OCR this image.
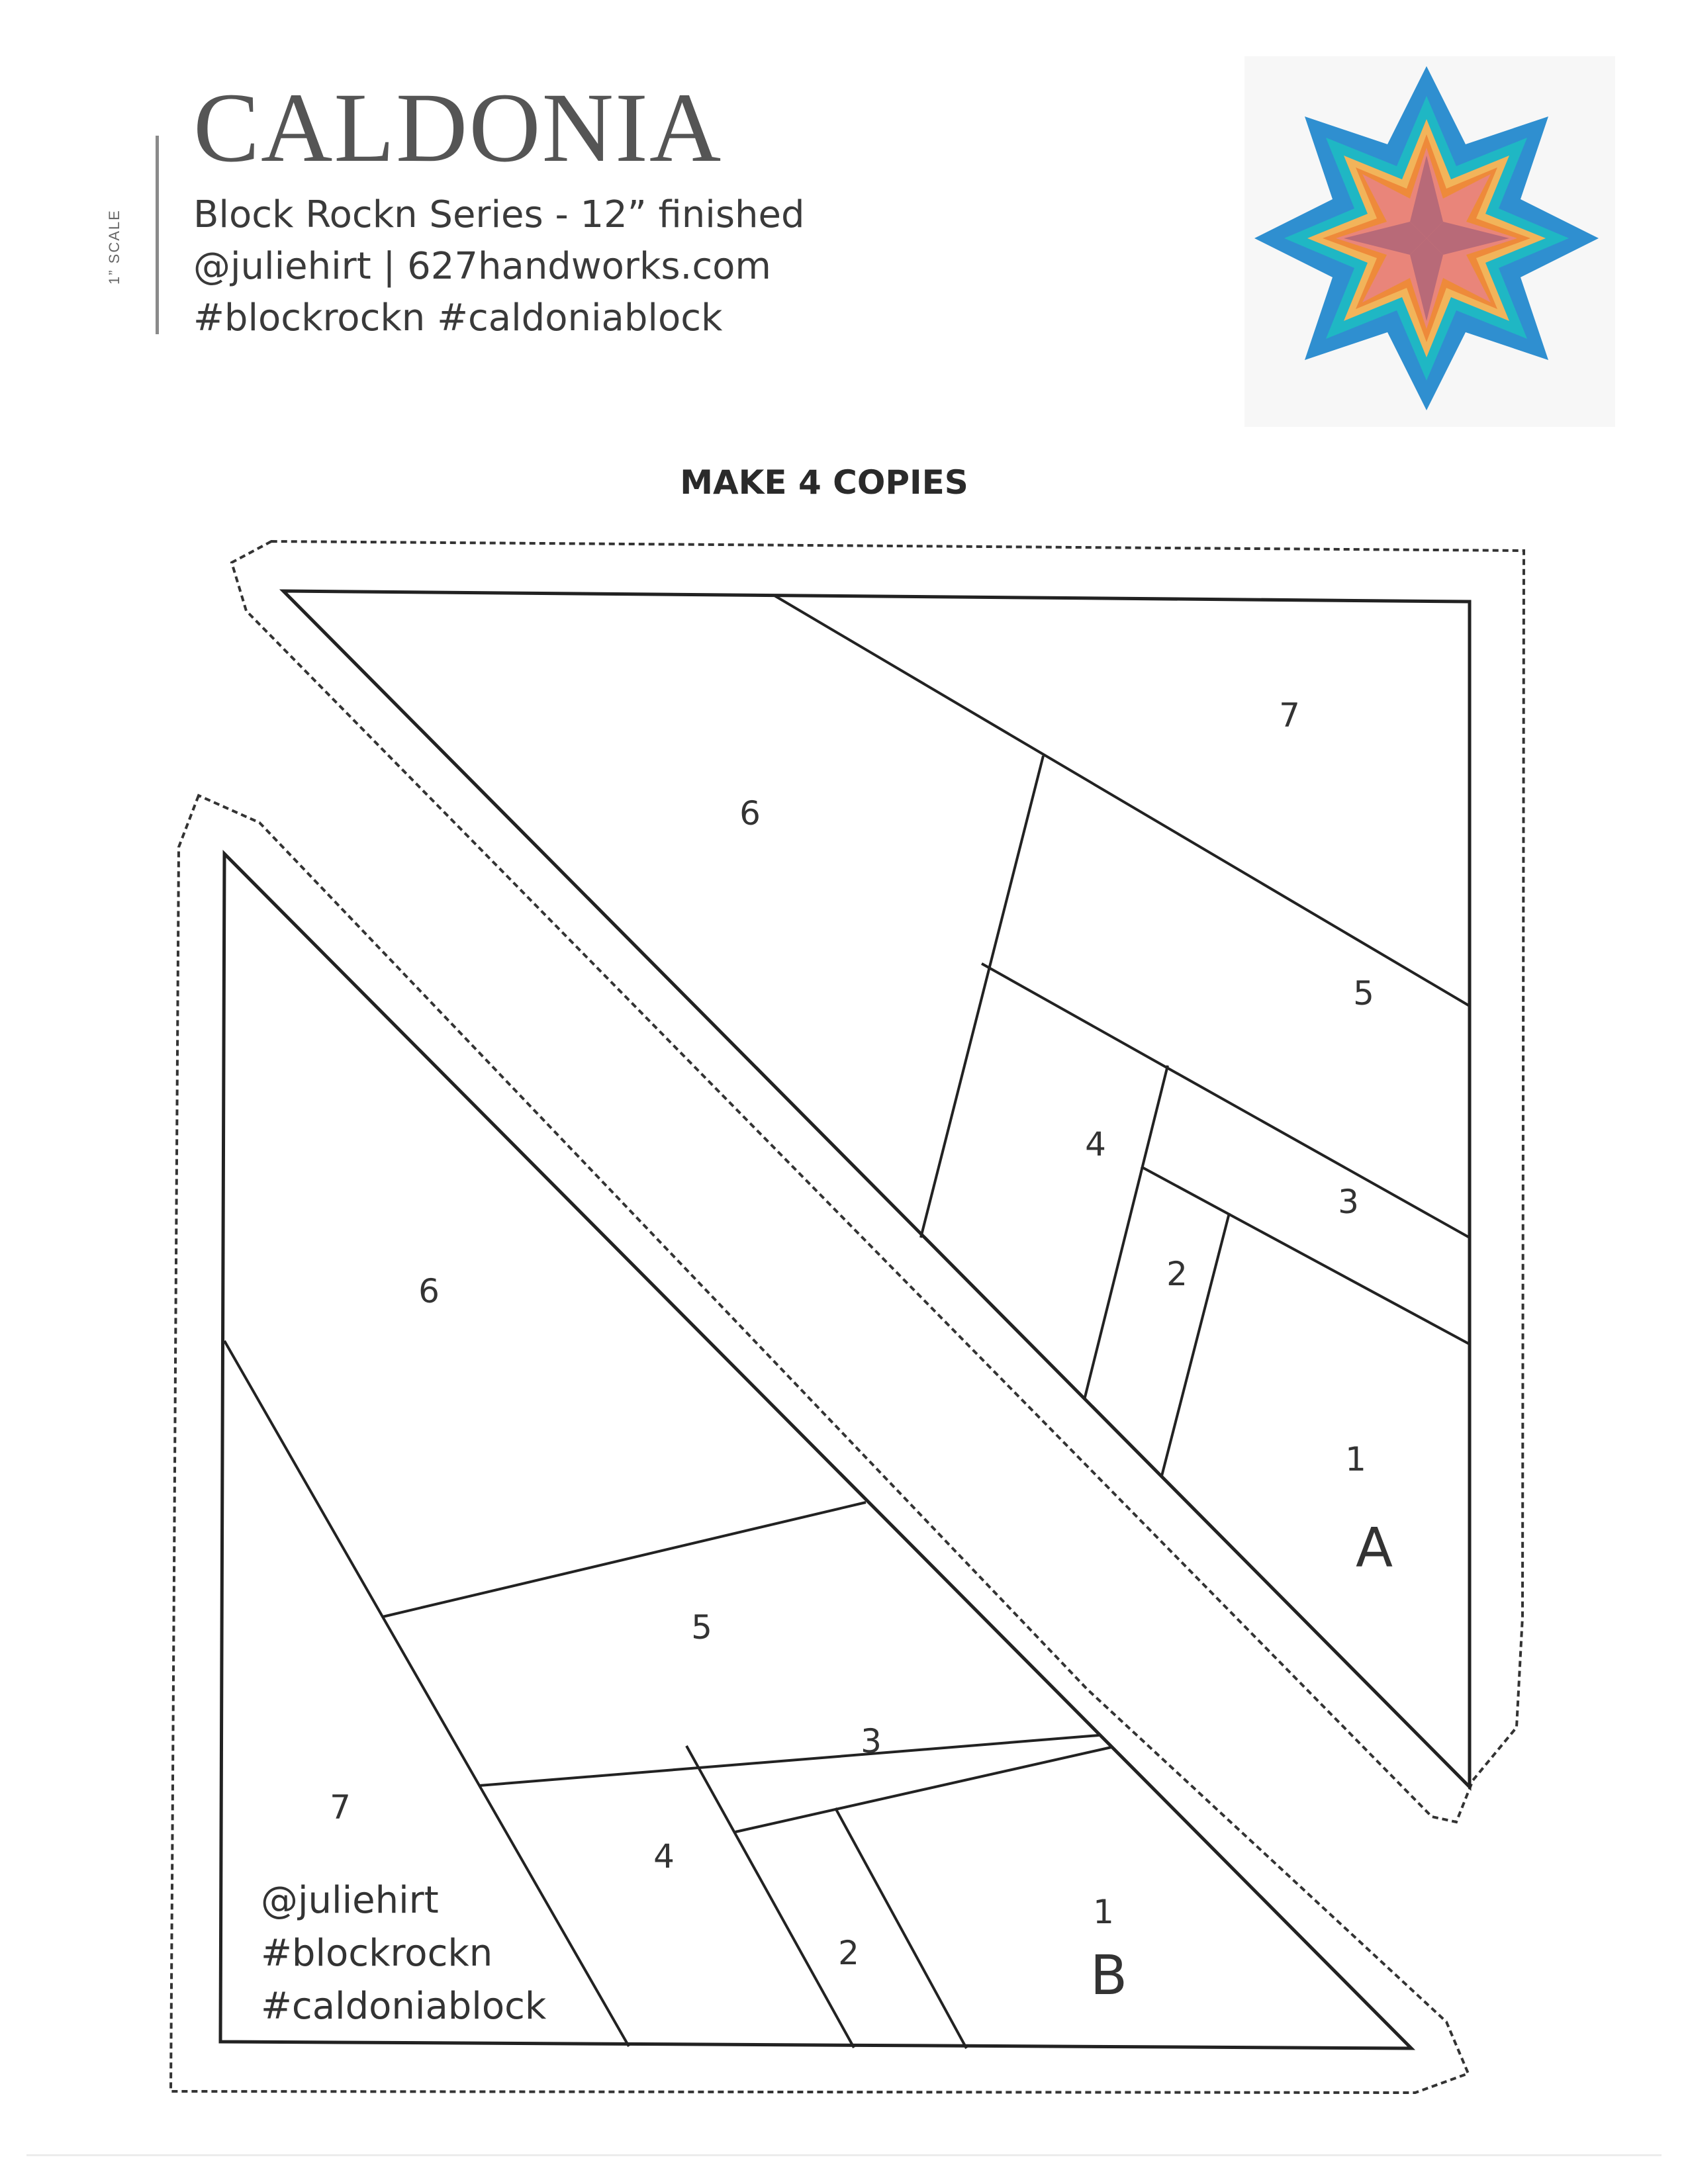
1” SCALE
CALDONIA
Block Rockn Series - 12” finished
@juliehirt | 627handworks.com
#blockrockn #caldoniablock
MAKE 4 COPIES
7
6
5
4
3
2
1
A
6
5
3
7
4
2
1
B
@juliehirt
#blockrockn
#caldoniablock
